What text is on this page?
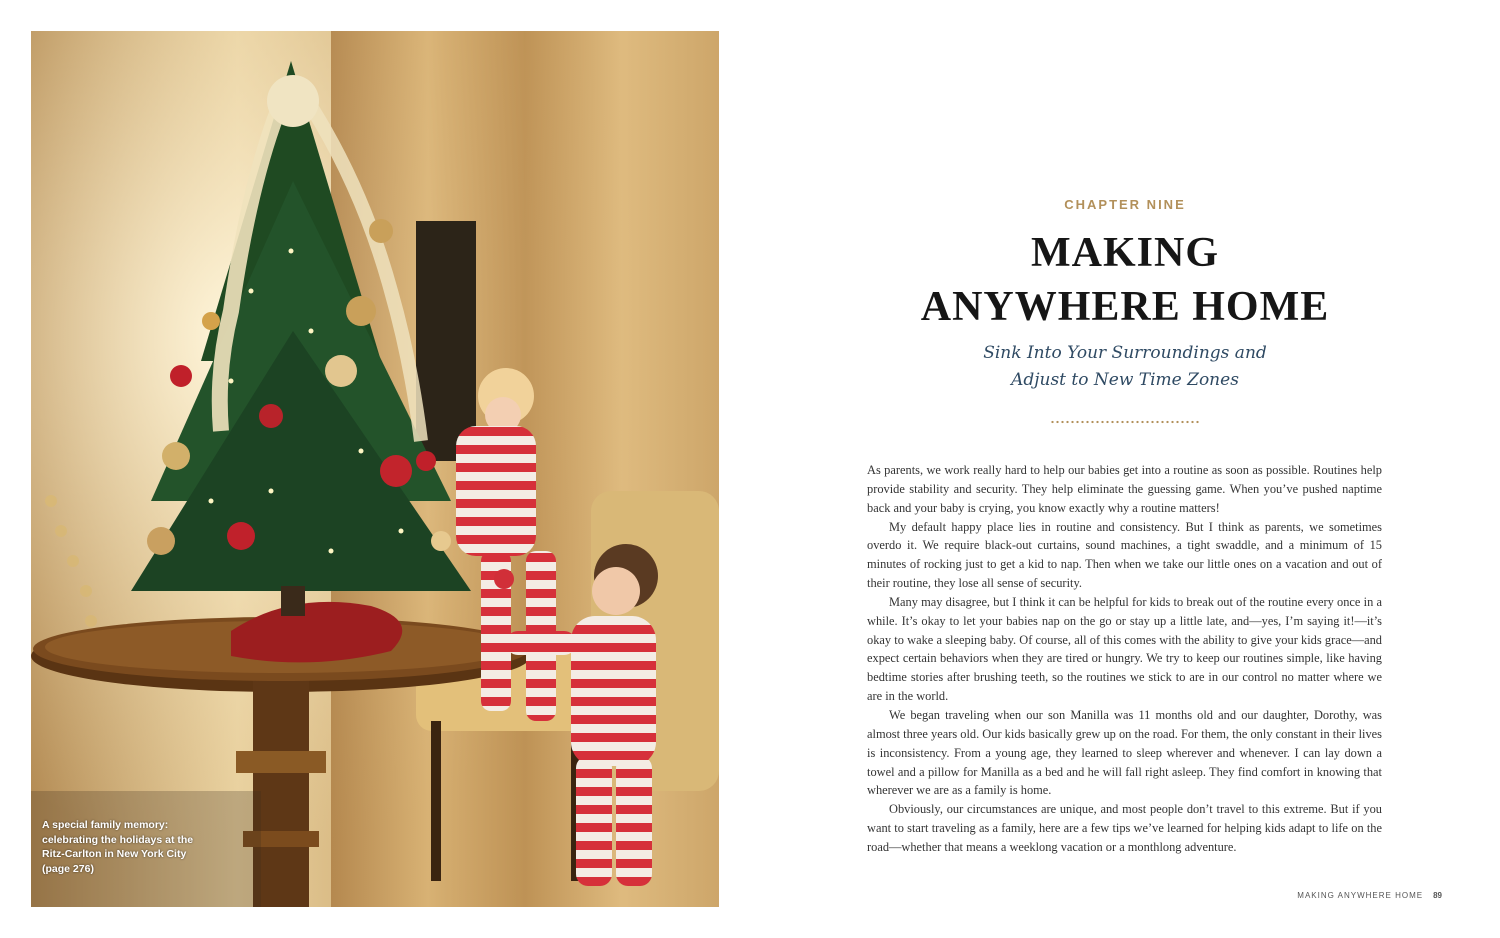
A special family memory: celebrating the holidays at the Ritz-Carlton in New York City (page 276)
CHAPTER NINE
MAKING
ANYWHERE HOME
Sink Into Your Surroundings and
Adjust to New Time Zones

As parents, we work really hard to help our babies get into a routine as soon as possible. Routines help provide stability and security. They help eliminate the guessing game. When you’ve pushed naptime back and your baby is crying, you know exactly why a routine matters!

My default happy place lies in routine and consistency. But I think as parents, we sometimes overdo it. We require black-out curtains, sound machines, a tight swaddle, and a minimum of 15 minutes of rocking just to get a kid to nap. Then when we take our little ones on a vacation and out of their routine, they lose all sense of security.

Many may disagree, but I think it can be helpful for kids to break out of the routine every once in a while. It’s okay to let your babies nap on the go or stay up a little late, and—yes, I’m saying it!—it’s okay to wake a sleeping baby. Of course, all of this comes with the ability to give your kids grace—and expect certain behaviors when they are tired or hungry. We try to keep our routines simple, like having bedtime stories after brushing teeth, so the routines we stick to are in our control no matter where we are in the world.

We began traveling when our son Manilla was 11 months old and our daughter, Dorothy, was almost three years old. Our kids basically grew up on the road. For them, the only constant in their lives is inconsistency. From a young age, they learned to sleep wherever and whenever. I can lay down a towel and a pillow for Manilla as a bed and he will fall right asleep. They find comfort in knowing that wherever we are as a family is home.

Obviously, our circumstances are unique, and most people don’t travel to this extreme. But if you want to start traveling as a family, here are a few tips we’ve learned for helping kids adapt to life on the road—whether that means a weeklong vacation or a monthlong adventure.

MAKING ANYWHERE HOME 89
